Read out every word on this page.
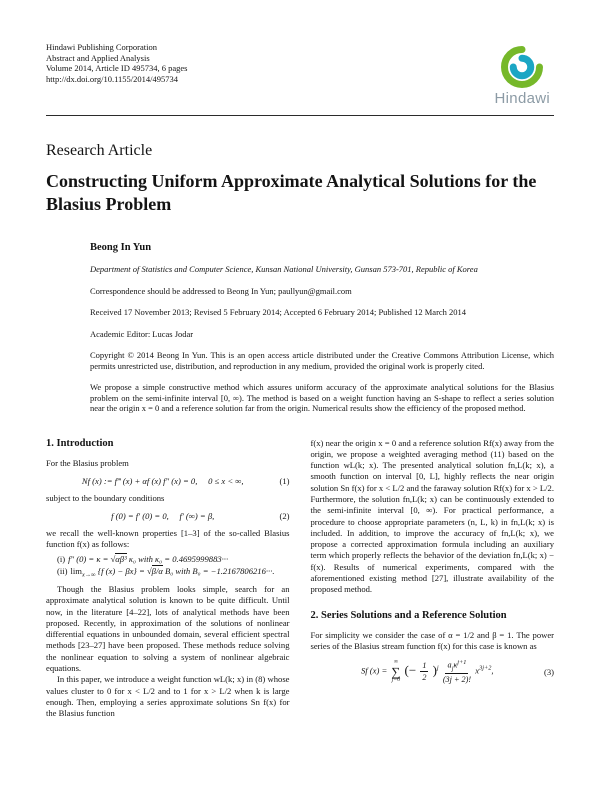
Hindawi Publishing Corporation
Abstract and Applied Analysis
Volume 2014, Article ID 495734, 6 pages
http://dx.doi.org/10.1155/2014/495734
Hindawi
Research Article
Constructing Uniform Approximate Analytical Solutions for the Blasius Problem
Beong In Yun
Department of Statistics and Computer Science, Kunsan National University, Gunsan 573-701, Republic of Korea
Correspondence should be addressed to Beong In Yun; paullyun@gmail.com
Received 17 November 2013; Revised 5 February 2014; Accepted 6 February 2014; Published 12 March 2014
Academic Editor: Lucas Jodar
Copyright © 2014 Beong In Yun. This is an open access article distributed under the Creative Commons Attribution License, which permits unrestricted use, distribution, and reproduction in any medium, provided the original work is properly cited.
We propose a simple constructive method which assures uniform accuracy of the approximate analytical solutions for the Blasius problem on the semi-infinite interval [0, ∞). The method is based on a weight function having an S-shape to reflect a series solution near the origin x = 0 and a reference solution far from the origin. Numerical results show the efficiency of the proposed method.
1. Introduction

For the Blasius problem

Nf (x) := f‴ (x) + αf (x) f″ (x) = 0,  0 ≤ x < ∞,	(1)

subject to the boundary conditions

f (0) = f′ (0) = 0,  f′ (∞) = β,	(2)

we recall the well-known properties [1–3] of the so-called Blasius function f(x) as follows:

(i) f″ (0) = κ = √αβ³ κ₀ with κ₀ = 0.4695999883···
(ii) $\lim_{x\to\infty} \{f$ (x) − βx} = √β/α B₀ with B₀ = −1.2167806216···.

Though the Blasius problem looks simple, search for an approximate analytical solution is known to be quite difficult. Until now, in the literature [4–22], lots of analytical methods have been proposed. Recently, in approximation of the solutions of nonlinear differential equations in unbounded domain, several efficient spectral methods [23–27] have been proposed. These methods reduce solving the nonlinear equation to solving a system of nonlinear algebraic equations.

In this paper, we introduce a weight function wL(k; x) in (8) whose values cluster to 0 for x < L/2 and to 1 for x > L/2 when k is large enough. Then, employing a series approximate solutions Sn f(x) for the Blasius function

f(x) near the origin x = 0 and a reference solution Rf(x) away from the origin, we propose a weighted averaging method (11) based on the function wL(k; x). The presented analytical solution fn,L(k; x), a smooth function on interval [0, L], highly reflects the near origin solution Sn f(x) for x < L/2 and the faraway solution Rf(x) for x > L/2. Furthermore, the solution fn,L(k; x) can be continuously extended to the semi-infinite interval [0, ∞). For practical performance, a procedure to choose appropriate parameters (n, L, k) in fn,L(k; x) is included. In addition, to improve the accuracy of fn,L(k; x), we propose a corrected approximation formula including an auxiliary term which properly reflects the behavior of the deviation fn,L(k; x) − f(x). Results of numerical experiments, compared with the aforementioned existing method [27], illustrate availability of the proposed method.

2. Series Solutions and a Reference Solution

For simplicity we consider the case of α = 1/2 and β = 1. The power series of the Blasius stream function f(x) for this case is known as

Sf (x) =
∞
∑
j=0
(− $\frac{1}{2} )^j \frac{a_j\kappa^{j+1}}{(3j + 2)!} x^{3j+2}$,	(3)
